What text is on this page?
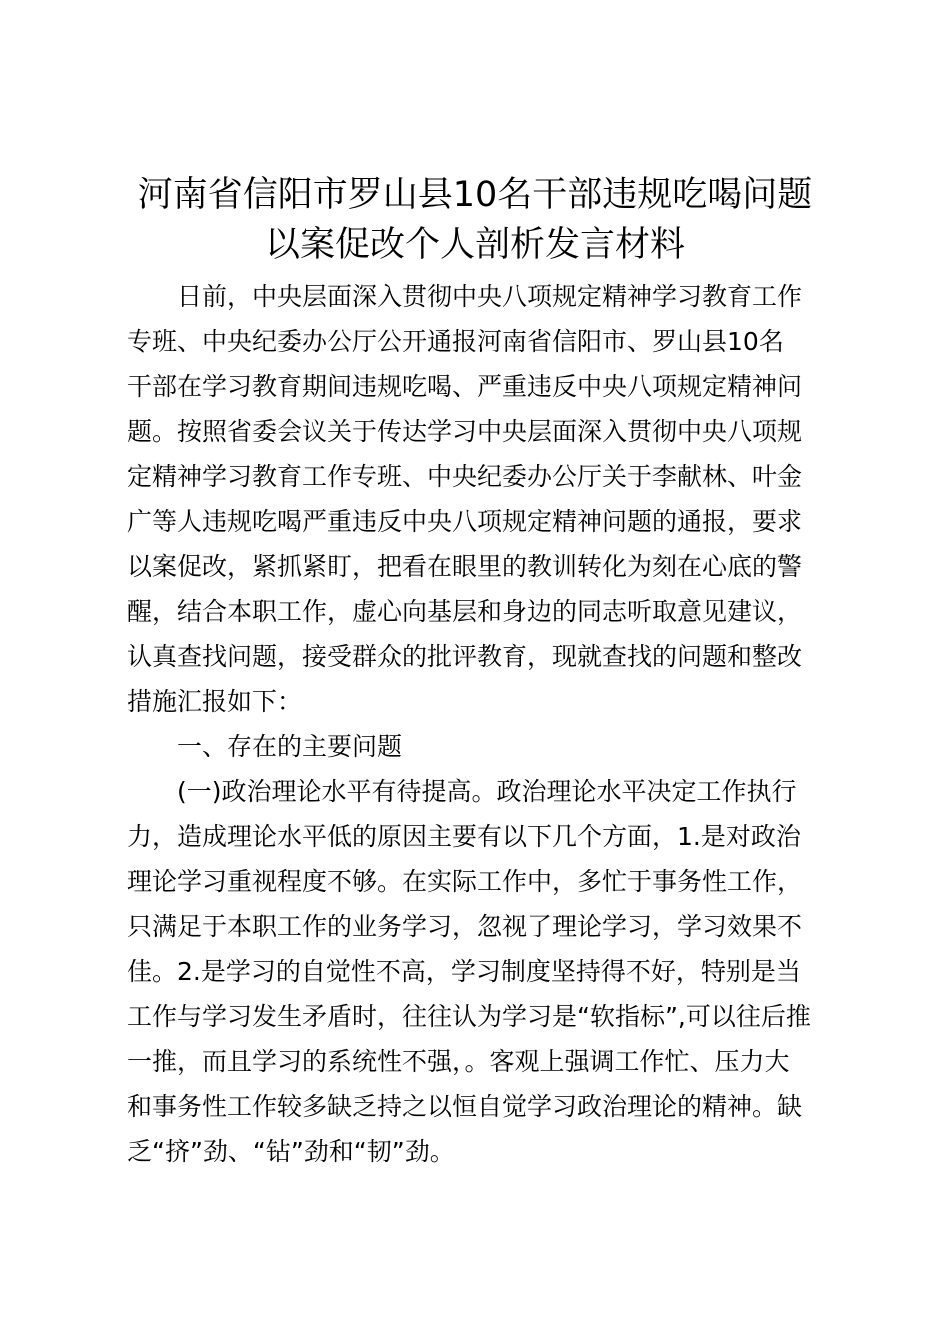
河南省信阳市罗山县10名干部违规吃喝问题
以案促改个人剖析发言材料
日前，中央层面深入贯彻中央八项规定精神学习教育工作
专班、中央纪委办公厅公开通报河南省信阳市、罗山县10名
干部在学习教育期间违规吃喝、严重违反中央八项规定精神问
题。按照省委会议关于传达学习中央层面深入贯彻中央八项规
定精神学习教育工作专班、中央纪委办公厅关于李献林、叶金
广等人违规吃喝严重违反中央八项规定精神问题的通报，要求
以案促改，紧抓紧盯，把看在眼里的教训转化为刻在心底的警
醒，结合本职工作，虚心向基层和身边的同志听取意见建议，
认真查找问题，接受群众的批评教育，现就查找的问题和整改
措施汇报如下：
一、存在的主要问题
(一)政治理论水平有待提高。政治理论水平决定工作执行
力，造成理论水平低的原因主要有以下几个方面，1.是对政治
理论学习重视程度不够。在实际工作中，多忙于事务性工作，
只满足于本职工作的业务学习，忽视了理论学习，学习效果不
佳。2.是学习的自觉性不高，学习制度坚持得不好，特别是当
工作与学习发生矛盾时，往往认为学习是“软指标”,可以往后推
一推，而且学习的系统性不强，。客观上强调工作忙、压力大
和事务性工作较多缺乏持之以恒自觉学习政治理论的精神。缺
乏“挤”劲、“钻”劲和“韧”劲。
